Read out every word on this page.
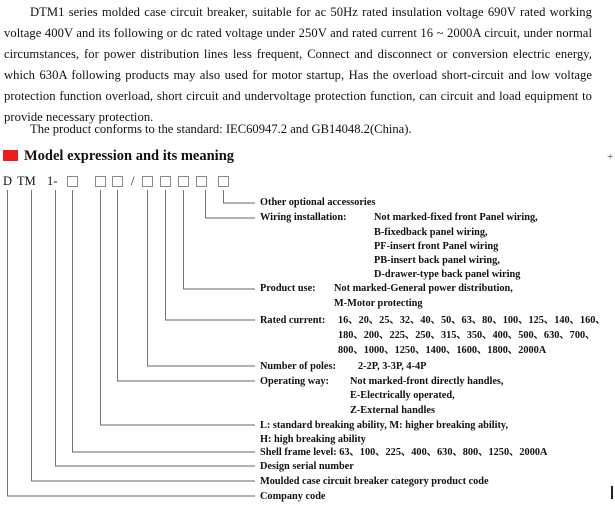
DTM1 series molded case circuit breaker, suitable for ac 50Hz rated insulation voltage 690V rated working voltage 400V and its following or dc rated voltage under 250V and rated current 16 ~ 2000A circuit, under normal circumstances, for power distribution lines less frequent, Connect and disconnect or conversion electric energy, which 630A following products may also used for motor startup, Has the overload short-circuit and low voltage protection function overload, short circuit and undervoltage protection function, can circuit and load equipment to provide necessary protection.

The product conforms to the standard: IEC60947.2 and GB14048.2(China).

Model expression and its meaning	+
D TM 1-	/
Other optional accessories
Wiring installation:	Not marked-fixed front Panel wiring,
B-fixedback panel wiring,
PF-insert front Panel wiring
PB-insert back panel wiring,
D-drawer-type back panel wiring
Product use: Not marked-General power distribution,
M-Motor protecting
Rated current: 16、20、25、32、40、50、63、80、100、125、140、160、
180、200、225、250、315、350、400、500、630、700、
800、1000、1250、1400、1600、1800、2000A
Number of poles: 2-2P, 3-3P, 4-4P
Operating way: Not marked-front directly handles,
E-Electrically operated,
Z-External handles
L: standard breaking ability, M: higher breaking ability,
H: high breaking ability
Shell frame level: 63、100、225、400、630、800、1250、2000A
Design serial number
Moulded case circuit breaker category product code
Company code
